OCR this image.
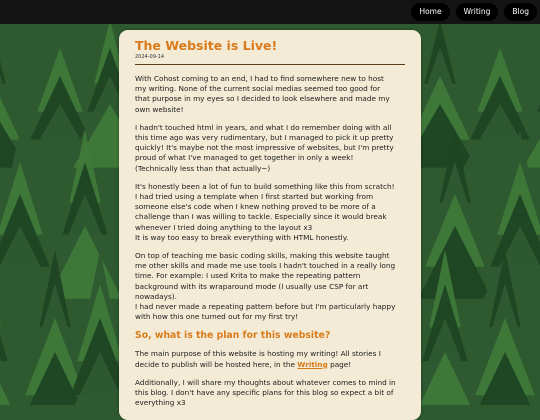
Home	Writing	Blog
The Website is Live!
2024-09-14

With Cohost coming to an end, I had to find somewhere new to host
my writing. None of the current social medias seemed too good for
that purpose in my eyes so I decided to look elsewhere and made my
own website!

I hadn't touched html in years, and what I do remember doing with all
this time ago was very rudimentary, but I managed to pick it up pretty
quickly! It's maybe not the most impressive of websites, but I'm pretty
proud of what I've managed to get together in only a week!
(Technically less than that actually~)

It's honestly been a lot of fun to build something like this from scratch!
I had tried using a template when I first started but working from
someone else's code when I knew nothing proved to be more of a
challenge than I was willing to tackle. Especially since it would break
whenever I tried doing anything to the layout x3
It is way too easy to break everything with HTML honestly.

On top of teaching me basic coding skills, making this website taught
me other skills and made me use tools I hadn't touched in a really long
time. For example: I used Krita to make the repeating pattern
background with its wraparound mode (I usually use CSP for art
nowadays).
I had never made a repeating pattern before but I'm particularly happy
with how this one turned out for my first try!

So, what is the plan for this website?

The main purpose of this website is hosting my writing! All stories I
decide to publish will be hosted here, in the Writing page!

Additionally, I will share my thoughts about whatever comes to mind in
this blog. I don't have any specific plans for this blog so expect a bit of
everything x3
